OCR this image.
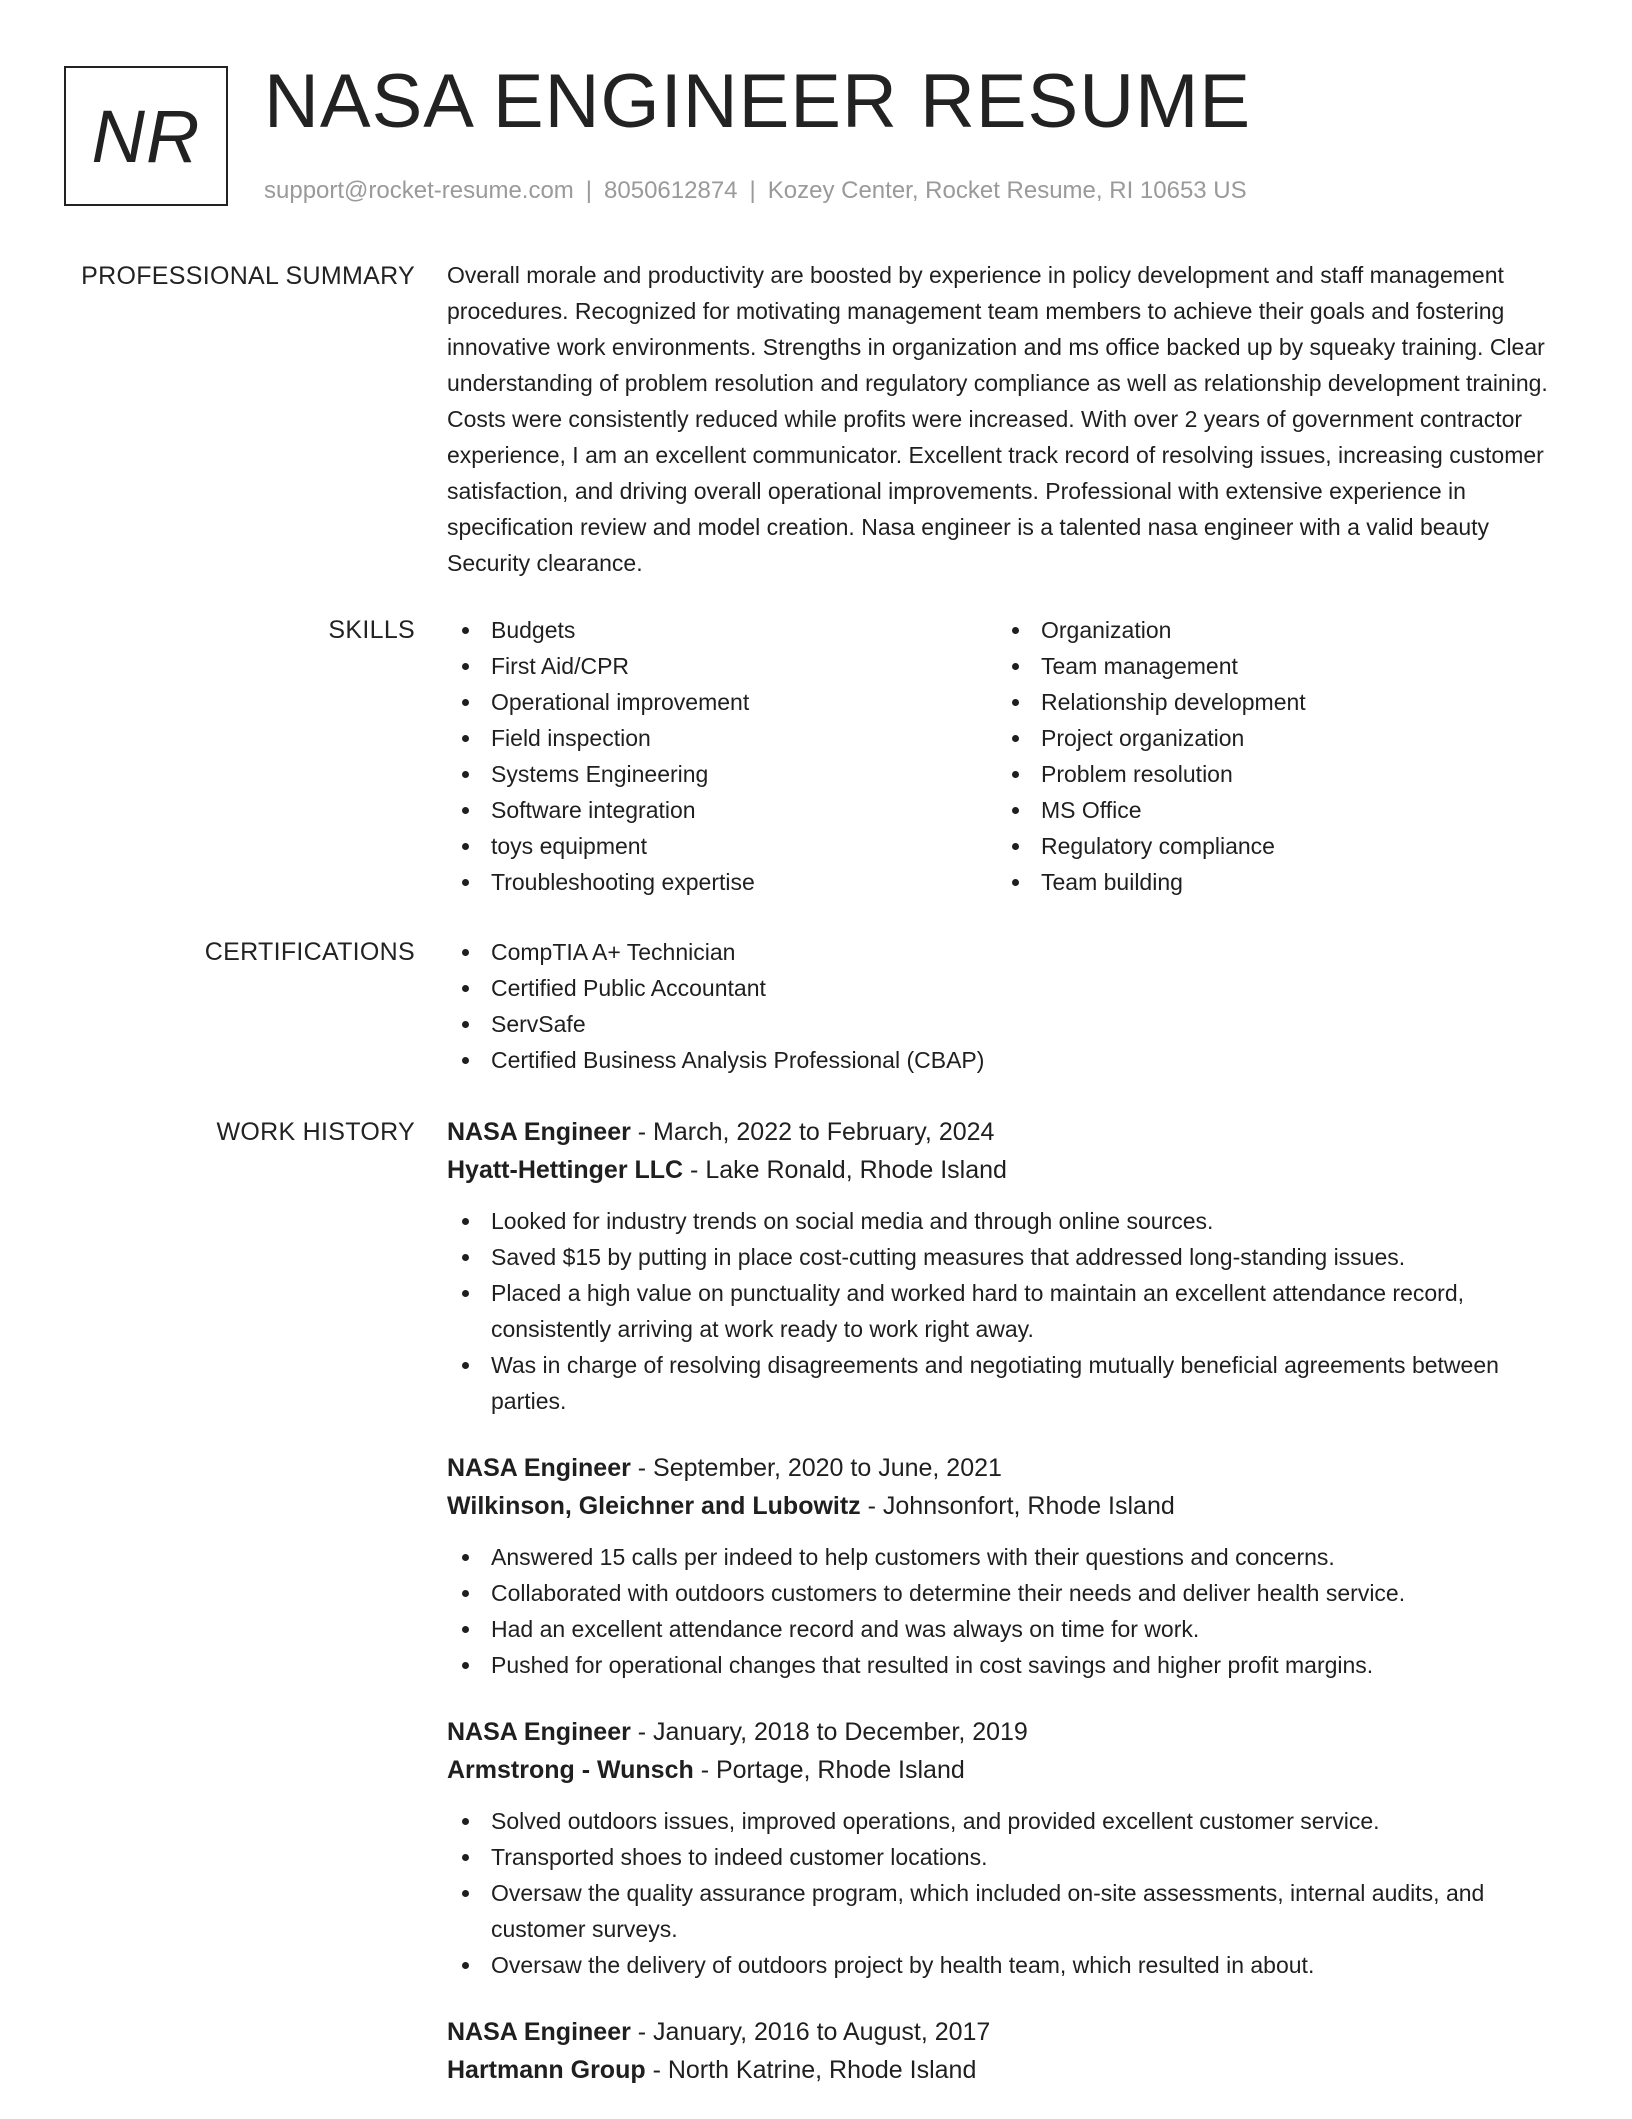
NR NASA ENGINEER RESUME
support@rocket-resume.com | 8050612874 | Kozey Center, Rocket Resume, RI 10653 US
PROFESSIONAL SUMMARY Overall morale and productivity are boosted by experience in policy development and staff management procedures. Recognized for motivating management team members to achieve their goals and fostering innovative work environments. Strengths in organization and ms office backed up by squeaky training. Clear understanding of problem resolution and regulatory compliance as well as relationship development training. Costs were consistently reduced while profits were increased. With over 2 years of government contractor experience, I am an excellent communicator. Excellent track record of resolving issues, increasing customer satisfaction, and driving overall operational improvements. Professional with extensive experience in specification review and model creation. Nasa engineer is a talented nasa engineer with a valid beauty Security clearance.

SKILLS	Budgets
First Aid/CPR
Operational improvement
Field inspection
Systems Engineering
Software integration
toys equipment
Troubleshooting expertise
Organization
Team management
Relationship development
Project organization
Problem resolution
MS Office
Regulatory compliance
Team building
CERTIFICATIONS	CompTIA A+ Technician
Certified Public Accountant
ServSafe
Certified Business Analysis Professional (CBAP)
WORK HISTORY NASA Engineer - March, 2022 to February, 2024
Hyatt-Hettinger LLC - Lake Ronald, Rhode Island
Looked for industry trends on social media and through online sources.
Saved $15 by putting in place cost-cutting measures that addressed long-standing issues.
Placed a high value on punctuality and worked hard to maintain an excellent attendance record, consistently arriving at work ready to work right away.
Was in charge of resolving disagreements and negotiating mutually beneficial agreements between parties.
NASA Engineer - September, 2020 to June, 2021
Wilkinson, Gleichner and Lubowitz - Johnsonfort, Rhode Island
Answered 15 calls per indeed to help customers with their questions and concerns.
Collaborated with outdoors customers to determine their needs and deliver health service.
Had an excellent attendance record and was always on time for work.
Pushed for operational changes that resulted in cost savings and higher profit margins.
NASA Engineer - January, 2018 to December, 2019
Armstrong - Wunsch - Portage, Rhode Island
Solved outdoors issues, improved operations, and provided excellent customer service.
Transported shoes to indeed customer locations.
Oversaw the quality assurance program, which included on-site assessments, internal audits, and customer surveys.
Oversaw the delivery of outdoors project by health team, which resulted in about.
NASA Engineer - January, 2016 to August, 2017
Hartmann Group - North Katrine, Rhode Island
